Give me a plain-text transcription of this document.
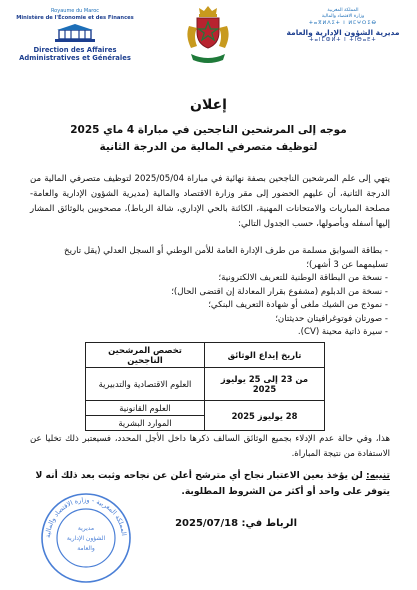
Royaume du Maroc
Ministère de l'Économie et des Finances
Direction des Affaires Administratives et Générales
المملكة المغربية
وزارة الاقتصاد والمالية
ⵜⴰⴳⵍⴷⵉⵜ ⵏ ⵍⵎⵖⵔⵉⴱ
مديرية الشؤون الإدارية والعامة
ⵜⴰⵏⵎⵀⵍⵜ ⵏ ⵜⵏⴱⴰⴹⵜ
إعلان
موجه إلى المرشحين الناجحين في مباراة 4 ماي 2025
لتوظيف متصرفي المالية من الدرجة الثانية

يتهي إلى علم المرشحين الناجحين بصفة نهائية في مباراة 2025/05/04 لتوظيف متصرفي المالية من الدرجة الثانية، أن عليهم الحضور إلى مقر وزارة الاقتصاد والمالية (مديرية الشؤون الإدارية والعامة-مصلحة المباريات والامتحانات المهنية، الكائنة بالحي الإداري، شالة الرباط)، مصحوبين بالوثائق المشار إليها أسفله وبأصولها، حسب الجدول التالي:

- بطاقة السوابق مسلمة من طرف الإدارة العامة للأمن الوطني أو السجل العدلي (يقل تاريخ تسليمهما عن 3 أشهر)؛
- نسخة من البطاقة الوطنية للتعريف الالكترونية؛
- نسخة من الدبلوم (مشفوع بقرار المعادلة إن اقتضى الحال)؛
- نموذج من الشيك ملغى أو شهادة التعريف البنكي؛
- صورتان فوتوغرافيتان حديثتان؛
- سيرة ذاتية محينة (CV).
تاريخ إيداع الوثائق	تخصص المرشحين الناجحين
من 23 إلى 25 يوليوز 2025	العلوم الاقتصادية والتدبيرية
28 يوليوز 2025	العلوم القانونية
	الموارد البشرية

هذا، وفي حالة عدم الإدلاء بجميع الوثائق السالف ذكرها داخل الأجل المحدد، فسيعتبر ذلك تخليا عن الاستفادة من نتيجة المباراة.

تنبيه: لن يؤخذ بعين الاعتبار نجاح أي مترشح أعلن عن نجاحه وثبت بعد ذلك أنه لا يتوفر على واحد أو أكثر من الشروط المطلوبة.
الرباط في: 2025/07/18
المملكة المغربية - وزارة الاقتصاد والمالية
مديرية
الشؤون الإدارية
والعامة
